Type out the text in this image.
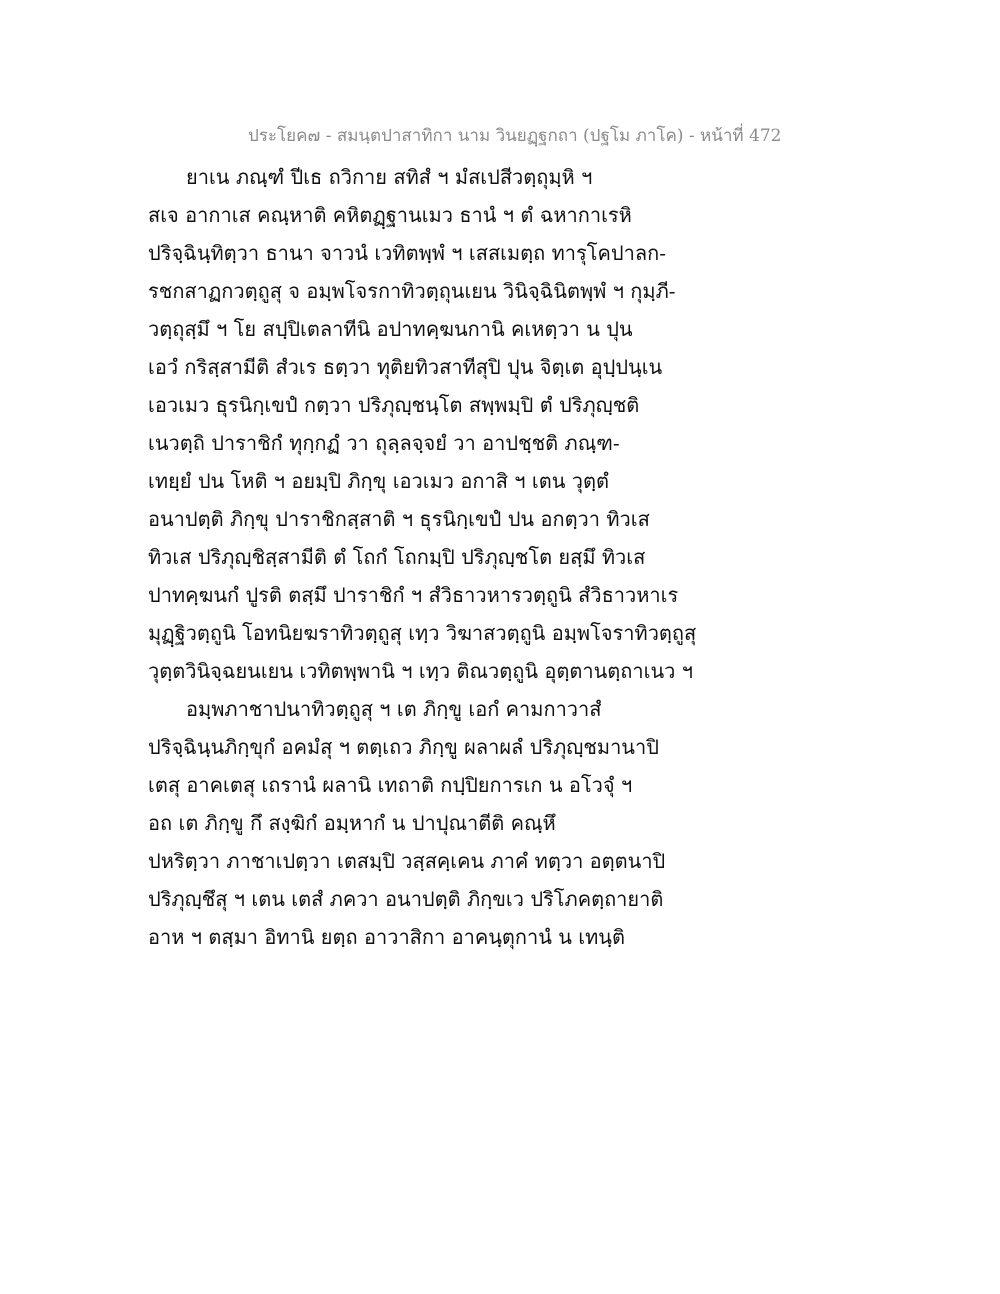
ประโยค๗ - สมนฺตปาสาทิกา นาม วินยฏฺฐกถา (ปฐโม ภาโค) - หน้าที่ 472
ยาเน ภณฺฑํ ปีเธ ถวิกาย สทิสํ ฯ มํสเปสีวตฺถุมฺหิ ฯ
สเจ อากาเส คณฺหาติ คหิตฏฺฐานเมว ธานํ ฯ ตํ ฉหากาเรหิ
ปริจฺฉินฺทิตฺวา ธานา จาวนํ เวทิตพฺพํ ฯ เสสเมตฺถ ทารุโคปาลก-
รชกสาฏกวตฺถูสุ จ อมฺพโจรกาทิวตฺถุนเยน วินิจฺฉินิตพฺพํ ฯ กุมฺภี-
วตฺถุสฺมึ ฯ โย สปฺปิเตลาทีนิ อปาทคฺฆนกานิ คเหตฺวา น ปุน
เอวํ กริสฺสามีติ สํวเร ธตฺวา ทุติยทิวสาทีสุปิ ปุน จิตฺเต อุปฺปนฺเน
เอวเมว ธุรนิกฺเขปํ กตฺวา ปริภุญฺชนฺโต สพฺพมฺปิ ตํ ปริภุญฺชติ
เนวตฺถิ ปาราชิกํ ทุกฺกฏํ วา ถุลฺลจฺจยํ วา อาปชฺชติ ภณฺฑ-
เทยฺยํ ปน โหติ ฯ อยมฺปิ ภิกฺขุ เอวเมว อกาสิ ฯ เตน วุตฺตํ
อนาปตฺติ ภิกฺขุ ปาราชิกสฺสาติ ฯ ธุรนิกฺเขปํ ปน อกตฺวา ทิวเส
ทิวเส ปริภุญฺชิสฺสามีติ ตํ โถกํ โถกมฺปิ ปริภุญฺชโต ยสฺมึ ทิวเส
ปาทคฺฆนกํ ปูรติ ตสฺมึ ปาราชิกํ ฯ สํวิธาวหารวตฺถูนิ สํวิธาวหาเร
มุฏฺฐิวตฺถูนิ โอทนิยฆราทิวตฺถูสุ เทฺว วิฆาสวตฺถูนิ อมฺพโจราทิวตฺถูสุ
วุตฺตวินิจฺฉยนเยน เวทิตพฺพานิ ฯ เทฺว ติณวตฺถูนิ อุตฺตานตฺถาเนว ฯ
อมฺพภาชาปนาทิวตฺถูสุ ฯ เต ภิกฺขู เอกํ คามกาวาสํ
ปริจฺฉินฺนภิกฺขุกํ อคมํสุ ฯ ตตฺเถว ภิกฺขู ผลาผลํ ปริภุญฺชมานาปิ
เตสุ อาคเตสุ เถรานํ ผลานิ เทถาติ กปฺปิยการเก น อโวจุํ ฯ
อถ เต ภิกฺขู กึ สงฺฆิกํ อมฺหากํ น ปาปุณาตีติ คณฺหึ
ปหริตฺวา ภาชาเปตฺวา เตสมฺปิ วสฺสคฺเคน ภาคํ ทตฺวา อตฺตนาปิ
ปริภุญฺชึสุ ฯ เตน เตสํ ภควา อนาปตฺติ ภิกฺขเว ปริโภคตฺถายาติ
อาห ฯ ตสฺมา อิทานิ ยตฺถ อาวาสิกา อาคนฺตุกานํ น เทนฺติ
